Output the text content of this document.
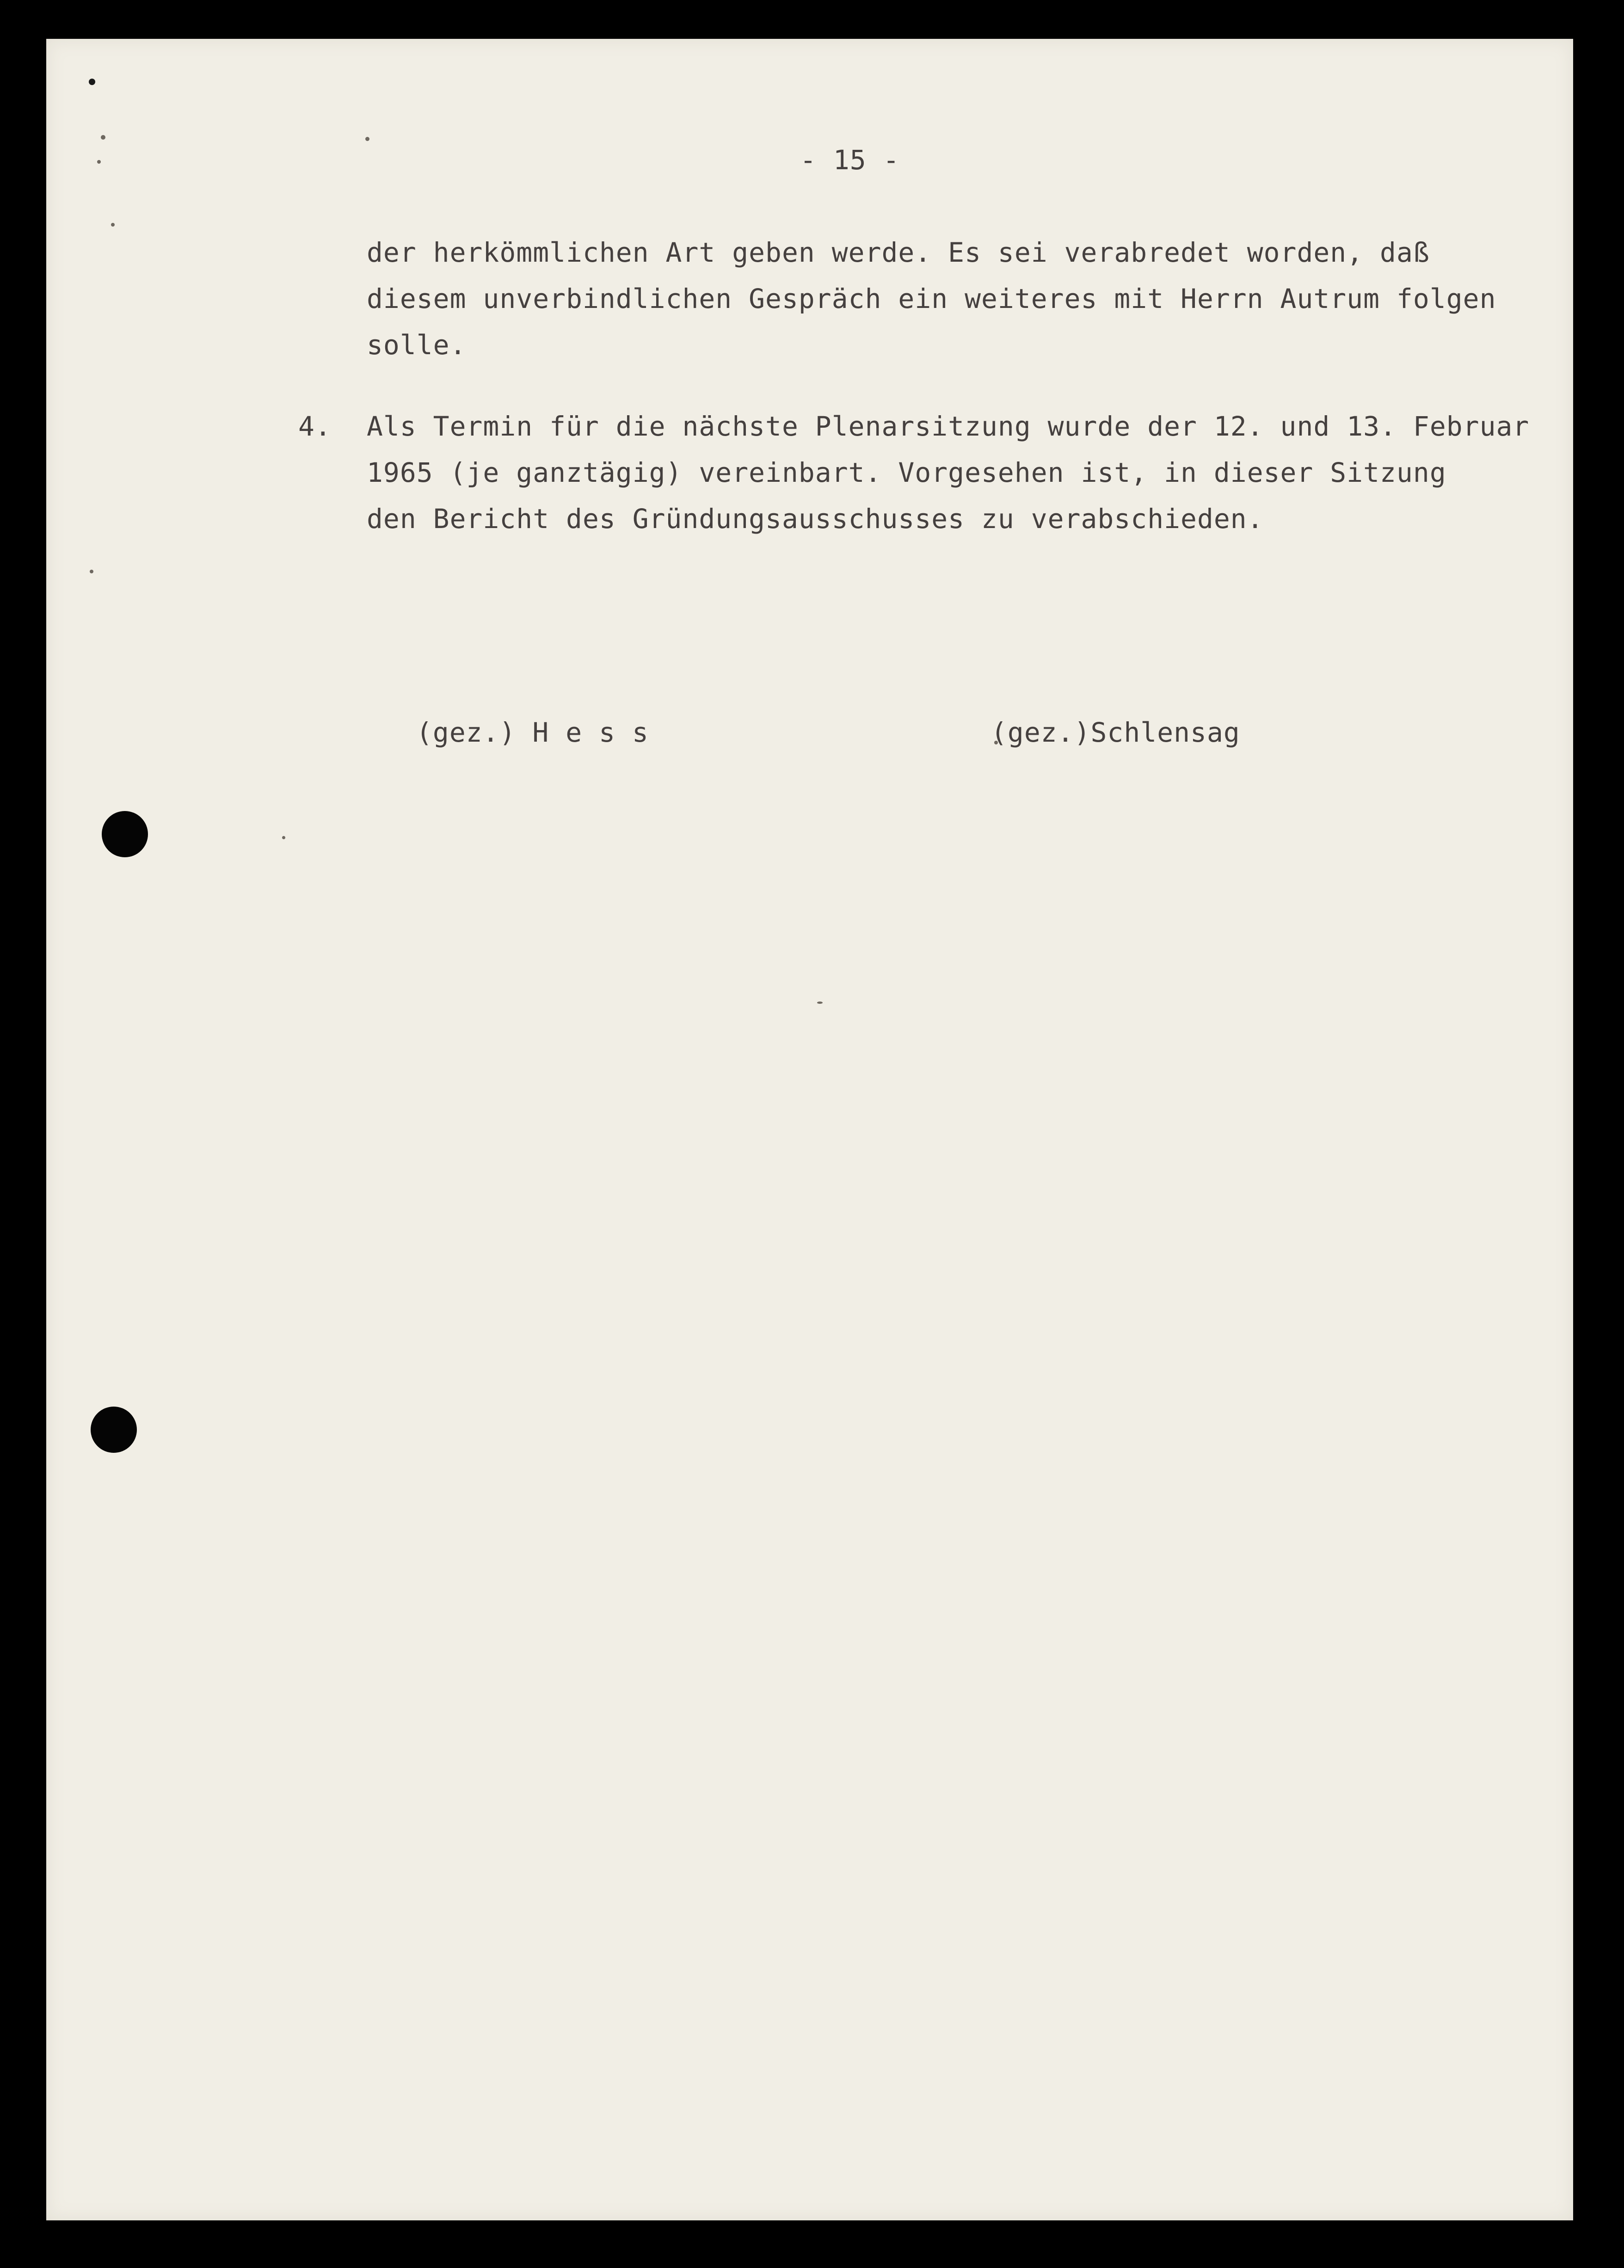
- 15 -
der herkömmlichen Art geben werde. Es sei verabredet worden, daß
diesem unverbindlichen Gespräch ein weiteres mit Herrn Autrum folgen
solle.
4. Als Termin für die nächste Plenarsitzung wurde der 12. und 13. Februar
1965 (je ganztägig) vereinbart. Vorgesehen ist, in dieser Sitzung
den Bericht des Gründungsausschusses zu verabschieden.
(gez.) H e s s	(gez.)Schlensag
